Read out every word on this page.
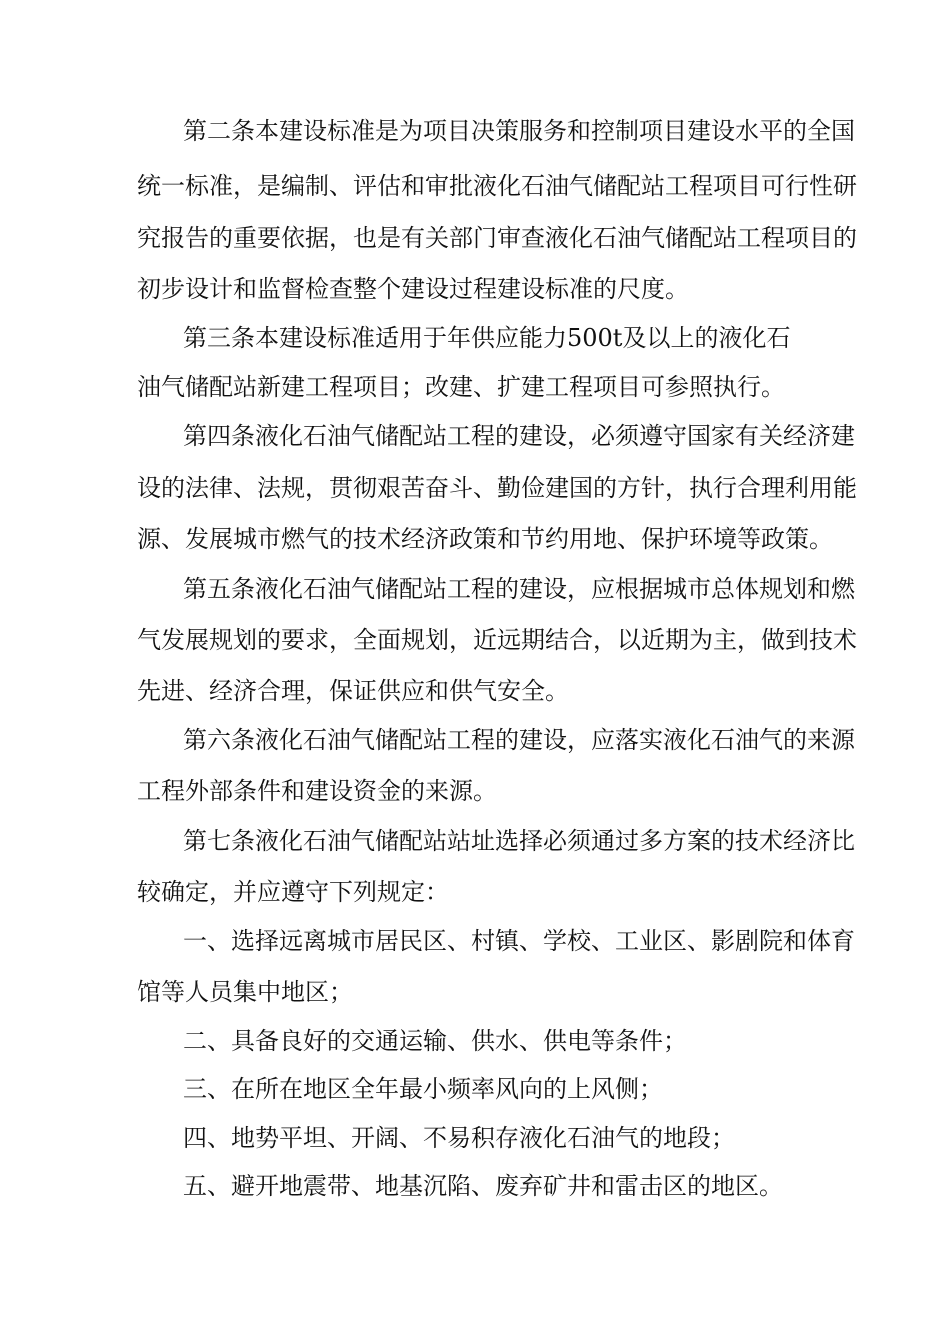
第二条本建设标准是为项目决策服务和控制项目建设水平的全国
统一标准，是编制、评估和审批液化石油气储配站工程项目可行性研
究报告的重要依据，也是有关部门审查液化石油气储配站工程项目的
初步设计和监督检查整个建设过程建设标准的尺度。
第三条本建设标准适用于年供应能力500t及以上的液化石
油气储配站新建工程项目；改建、扩建工程项目可参照执行。
第四条液化石油气储配站工程的建设，必须遵守国家有关经济建
设的法律、法规，贯彻艰苦奋斗、勤俭建国的方针，执行合理利用能
源、发展城市燃气的技术经济政策和节约用地、保护环境等政策。
第五条液化石油气储配站工程的建设，应根据城市总体规划和燃
气发展规划的要求，全面规划，近远期结合，以近期为主，做到技术
先进、经济合理，保证供应和供气安全。
第六条液化石油气储配站工程的建设，应落实液化石油气的来源
工程外部条件和建设资金的来源。
第七条液化石油气储配站站址选择必须通过多方案的技术经济比
较确定，并应遵守下列规定：
一、选择远离城市居民区、村镇、学校、工业区、影剧院和体育
馆等人员集中地区；
二、具备良好的交通运输、供水、供电等条件；
三、在所在地区全年最小频率风向的上风侧；
四、地势平坦、开阔、不易积存液化石油气的地段；
五、避开地震带、地基沉陷、废弃矿井和雷击区的地区。
